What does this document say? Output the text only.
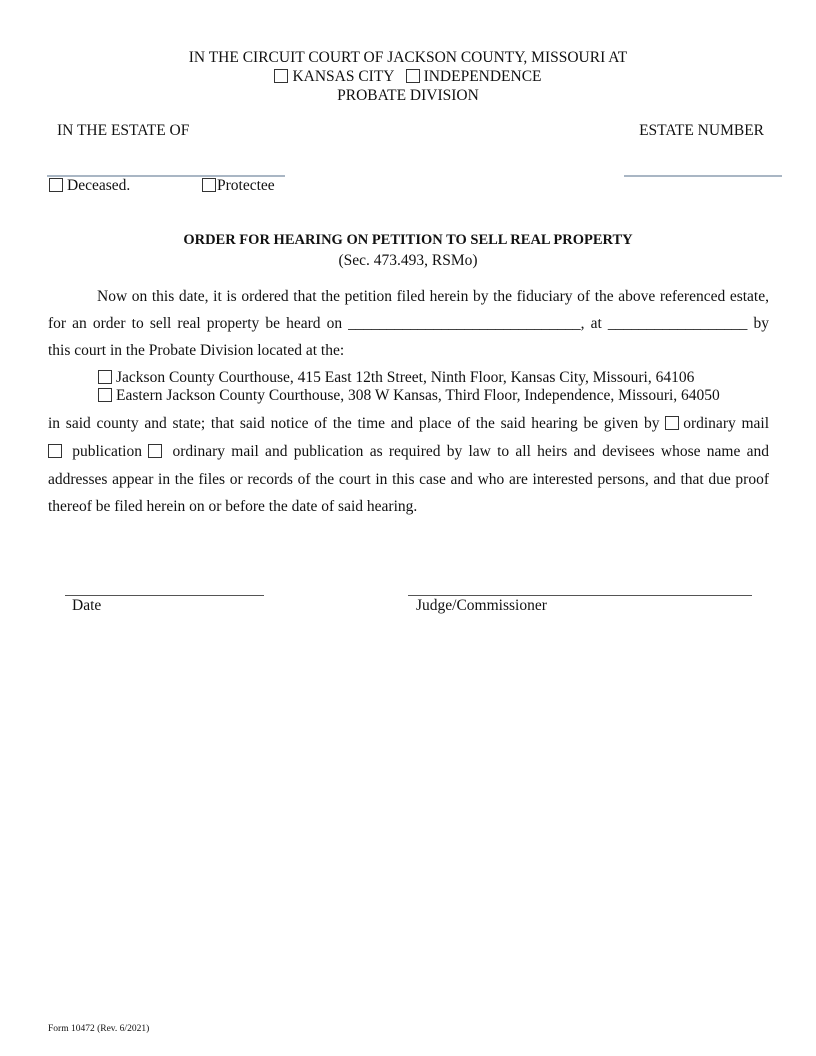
IN THE CIRCUIT COURT OF JACKSON COUNTY, MISSOURI AT
KANSAS CITY INDEPENDENCE
PROBATE DIVISION
IN THE ESTATE OF	ESTATE NUMBER
Deceased.	Protectee
ORDER FOR HEARING ON PETITION TO SELL REAL PROPERTY
(Sec. 473.493, RSMo)
Now on this date, it is ordered that the petition filed herein by the fiduciary of the above referenced estate,
for an order to sell real property be heard on ______________________________, at __________________ by
this court in the Probate Division located at the:
Jackson County Courthouse, 415 East 12th Street, Ninth Floor, Kansas City, Missouri, 64106
Eastern Jackson County Courthouse, 308 W Kansas, Third Floor, Independence, Missouri, 64050
in said county and state; that said notice of the time and place of the said hearing be given by ordinary mail
publication ordinary mail and publication as required by law to all heirs and devisees whose name and
addresses appear in the files or records of the court in this case and who are interested persons, and that due proof
thereof be filed herein on or before the date of said hearing.
Date	Judge/Commissioner
Form 10472 (Rev. 6/2021)
